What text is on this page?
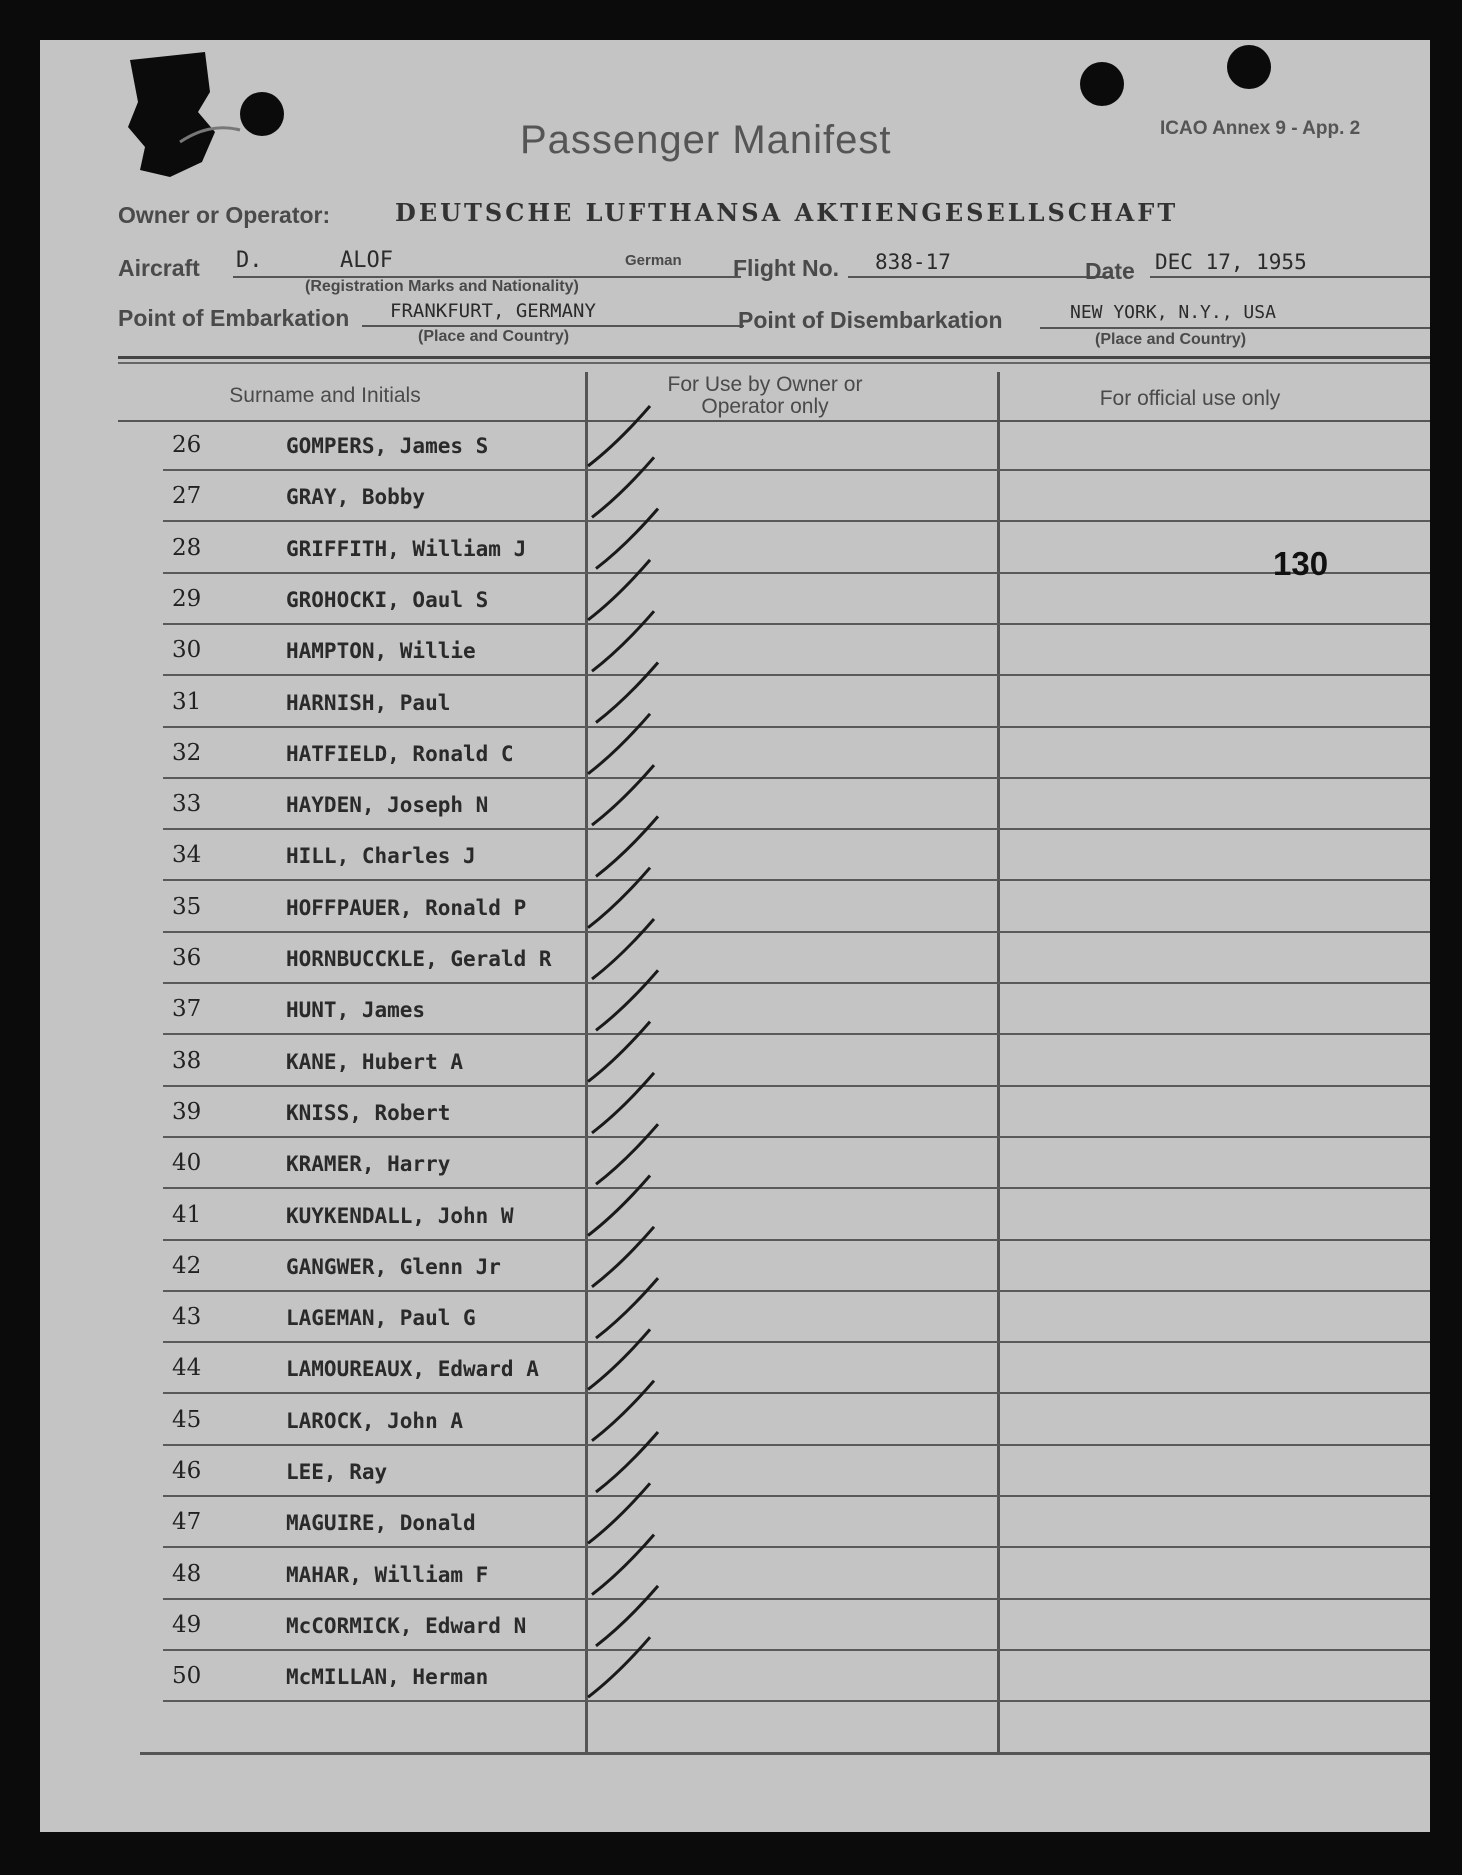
Passenger Manifest	ICAO Annex 9 - App. 2
Owner or Operator:	DEUTSCHE LUFTHANSA AKTIENGESELLSCHAFT
Aircraft D.	ALOF	German
(Registration Marks and Nationality)
Flight No. 838-17	Date DEC 17, 1955
Point of Embarkation FRANKFURT, GERMANY
(Place and Country)
Point of Disembarkation	NEW YORK, N.Y., USA
(Place and Country)
Surname and Initials	For Use by Owner or Operator only	For official use only
26	GOMPERS, James S
27	GRAY, Bobby
28	GRIFFITH, William J
29	GROHOCKI, Oaul S
30	HAMPTON, Willie
31	HARNISH, Paul
32	HATFIELD, Ronald C
33	HAYDEN, Joseph N
34	HILL, Charles J
35	HOFFPAUER, Ronald P
36	HORNBUCCKLE, Gerald R
37	HUNT, James
38	KANE, Hubert A
39	KNISS, Robert
40	KRAMER, Harry
41	KUYKENDALL, John W
42	GANGWER, Glenn Jr
43	LAGEMAN, Paul G
44	LAMOUREAUX, Edward A
45	LAROCK, John A
46	LEE, Ray
47	MAGUIRE, Donald
48	MAHAR, William F
49	McCORMICK, Edward N
50	McMILLAN, Herman
130
